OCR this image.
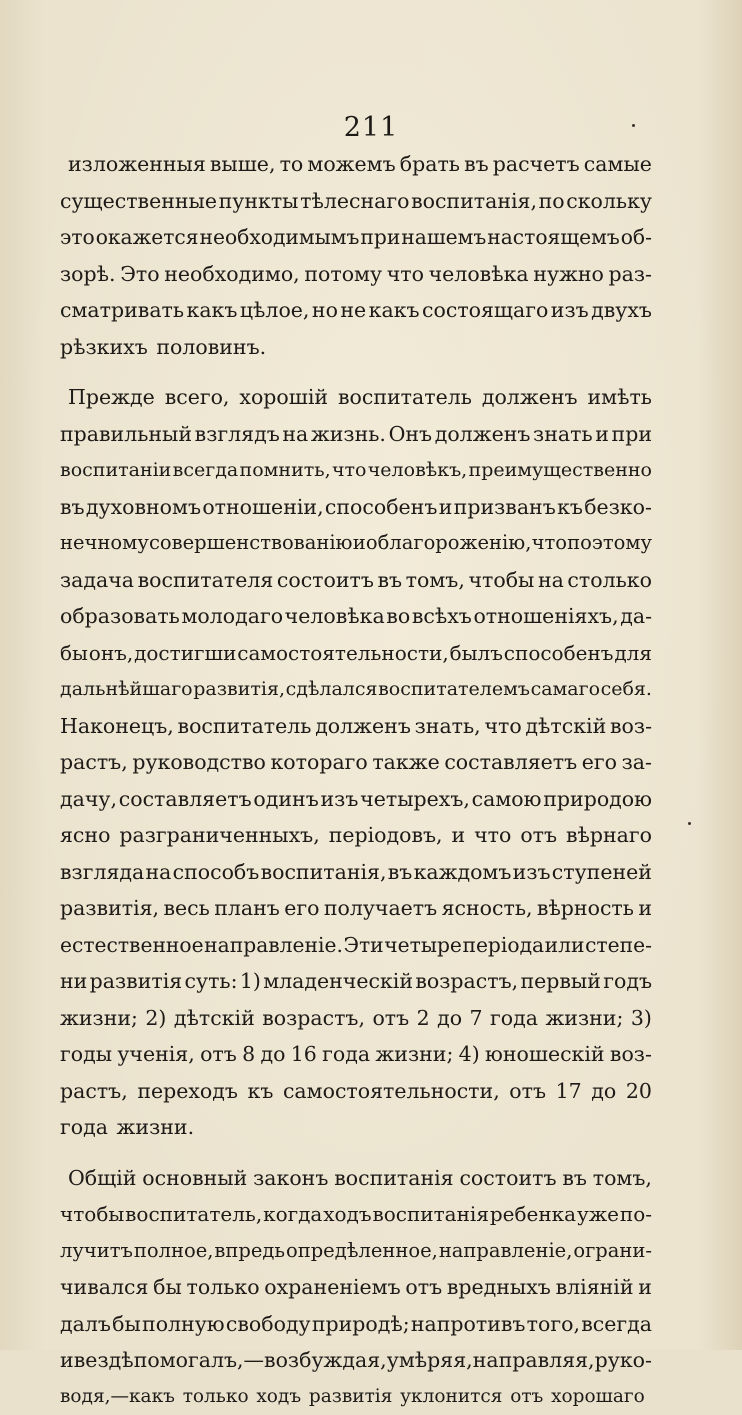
211
изложенныя выше, то можемъ брать въ расчетъ самые
существенные пункты тѣлеснаго воспитанія, по скольку
это окажется необходимымъ при нашемъ настоящемъ об-
зорѣ. Это необходимо, потому что человѣка нужно раз-
сматривать какъ цѣлое, но не какъ состоящаго изъ двухъ
рѣзкихъ половинъ.
Прежде всего, хорошій воспитатель долженъ имѣть
правильный взглядъ на жизнь. Онъ долженъ знать и при
воспитаніи всегда помнить, что человѣкъ, преимущественно
въ духовномъ отношеніи, способенъ и призванъ къ безко-
нечному совершенствованію и облагороженію, что поэтому
задача воспитателя состоитъ въ томъ, чтобы на столько
образовать молодаго человѣка во всѣхъ отношеніяхъ, да-
бы онъ, достигши самостоятельности, былъ способенъ для
дальнѣйшаго развитія, сдѣлался воспитателемъ самаго себя.
Наконецъ, воспитатель долженъ знать, что дѣтскій воз-
растъ, руководство котораго также составляетъ его за-
дачу, составляетъ одинъ изъ четырехъ, самою природою
ясно разграниченныхъ, періодовъ, и что отъ вѣрнаго
взгляда на способъ воспитанія, въ каждомъ изъ ступеней
развитія, весь планъ его получаетъ ясность, вѣрность и
естественное направленіе. Эти четыре періода или степе-
ни развитія суть: 1) младенческій возрастъ, первый годъ
жизни; 2) дѣтскій возрастъ, отъ 2 до 7 года жизни; 3)
годы ученія, отъ 8 до 16 года жизни; 4) юношескій воз-
растъ, переходъ къ самостоятельности, отъ 17 до 20
года жизни.
Общій основный законъ воспитанія состоитъ въ томъ,
чтобы воспитатель, когда ходъ воспитанія ребенка уже по-
лучитъ полное, впредь опредѣленное, направленіе, ограни-
чивался бы только охраненіемъ отъ вредныхъ вліяній и
далъ бы полную свободу природѣ; напротивъ того, всегда
и вездѣ помогалъ,—возбуждая, умѣряя, направляя, руко-
водя,—какъ только ходъ развитія уклонится отъ хорошаго
